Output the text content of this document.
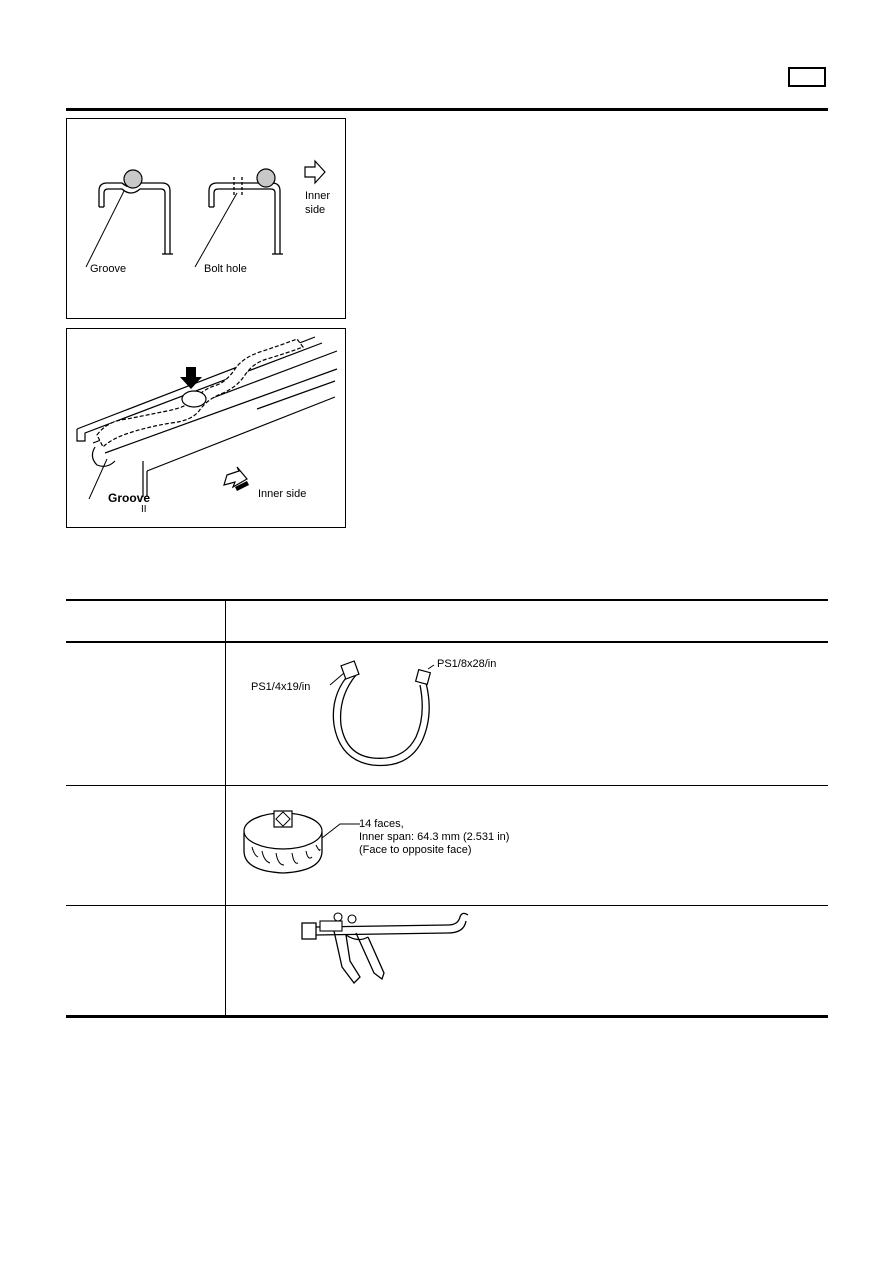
Groove	Bolt hole
Inner side
Groove
II
Inner side
PS1/4x19/in
PS1/8x28/in
14 faces,
Inner span: 64.3 mm (2.531 in)
(Face to opposite face)
